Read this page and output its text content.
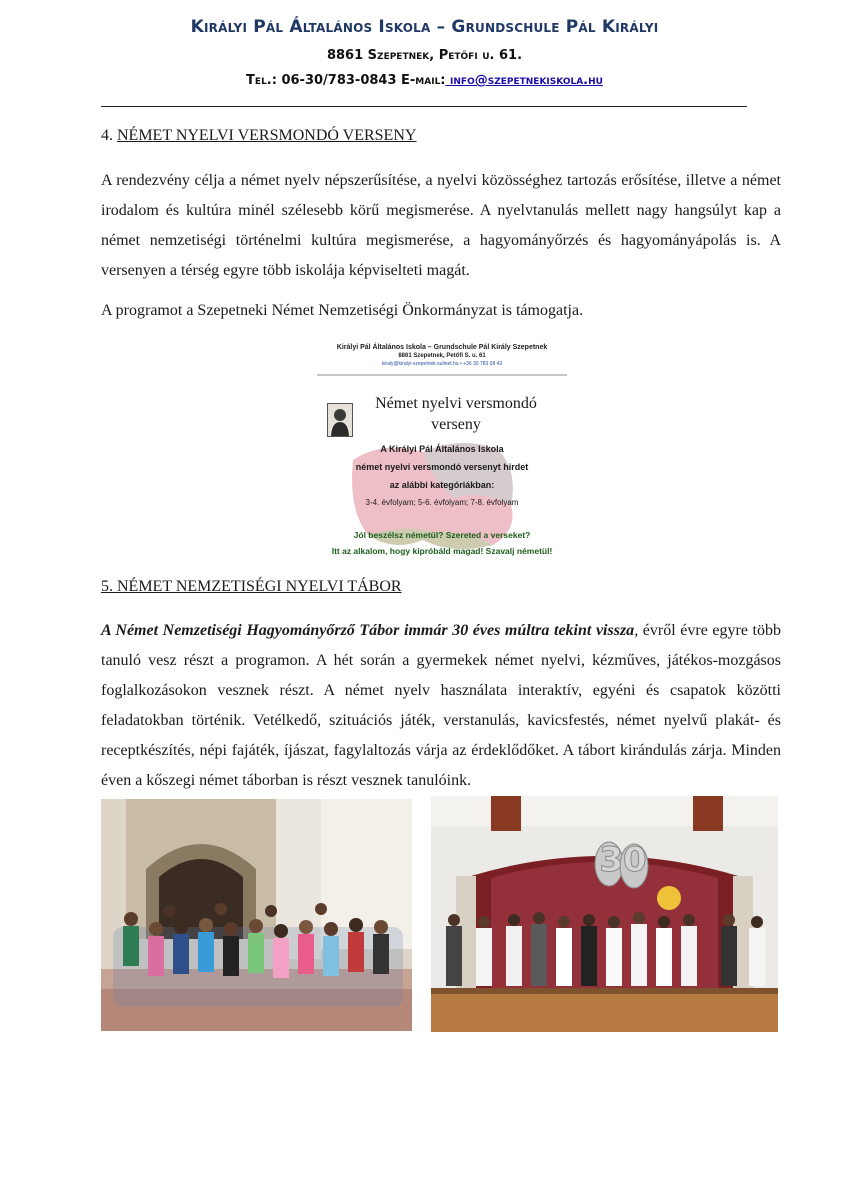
Királyi Pál Általános Iskola – Grundschule Pál Királyi
8861 Szepetnek, Petőfi u. 61.
Tel.: 06-30/783-0843 E-mail: info@szepetnekiskola.hu
4. NÉMET NYELVI VERSMONDÓ VERSENY
A rendezvény célja a német nyelv népszerűsítése, a nyelvi közösséghez tartozás erősítése, illetve a német irodalom és kultúra minél szélesebb körű megismerése. A nyelvtanulás mellett nagy hangsúlyt kap a német nemzetiségi történelmi kultúra megismerése, a hagyományőrzés és hagyományápolás is. A versenyen a térség egyre több iskolája képviselteti magát.
A programot a Szepetneki Német Nemzetiségi Önkormányzat is támogatja.
Királyi Pál Általános Iskola – Grundschule Pál Király Szepetnek
8861 Szepetnek, Petőfi S. u. 61
kiraly@kiralyi-szepetnek.sulinet.hu • +36 30 783 08 43
Német nyelvi versmondó
verseny
A Királyi Pál Általános Iskola
német nyelvi versmondó versenyt hirdet
az alábbi kategóriákban:
3-4. évfolyam; 5-6. évfolyam; 7-8. évfolyam
Jól beszélsz németül? Szereted a verseket?
Itt az alkalom, hogy kipróbáld magad! Szavalj németül!
5. NÉMET NEMZETISÉGI NYELVI TÁBOR
A Német Nemzetiségi Hagyományőrző Tábor immár 30 éves múltra tekint vissza, évről évre egyre több tanuló vesz részt a programon. A hét során a gyermekek német nyelvi, kézműves, játékos-mozgásos foglalkozásokon vesznek részt. A német nyelv használata interaktív, egyéni és csapatok közötti feladatokban történik. Vetélkedő, szituációs játék, verstanulás, kavicsfestés, német nyelvű plakát- és receptkészítés, népi fajáték, íjászat, fagylaltozás várja az érdeklődőket. A tábort kirándulás zárja. Minden éven a kőszegi német táborban is részt vesznek tanulóink.
30
